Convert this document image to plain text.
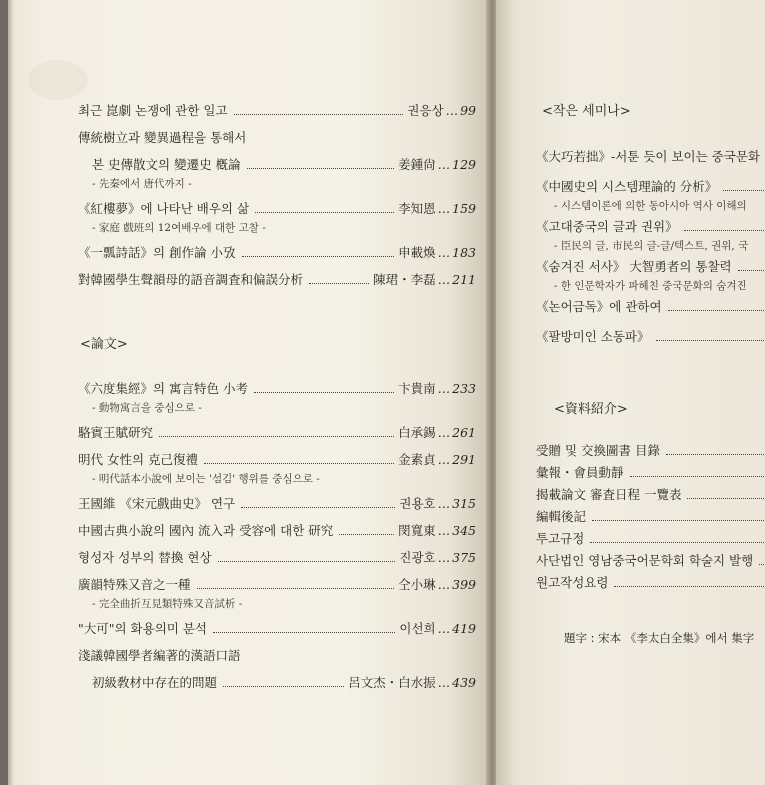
최근 崑劇 논쟁에 관한 일고	권응상 … 99
傳統樹立과 變異過程을 통해서
본 史傳散文의 變遷史 槪論	姜鍾尙 … 129
- 先秦에서 唐代까지 -
《紅樓夢》에 나타난 배우의 삶	李知恩 … 159
- 家庭 戲班의 12여배우에 대한 고찰 -
《一瓢詩話》의 創作論 小攷	申載煥 … 183
對韓國學生聲韻母的語音調査和偏誤分析	陳珺・李磊 … 211
<論文>
《六度集經》의 寓言特色 小考	卞貴南 … 233
- 動物寓言을 중심으로 -
駱賓王賦研究	白承錫 … 261
明代 女性의 克己復禮	金素貞 … 291
- 明代話本小說에 보이는 '섬김' 행위를 중심으로 -
王國維 《宋元戲曲史》 연구	권용호 … 315
中國古典小說의 國內 流入과 受容에 대한 研究	閔寬東 … 345
형성자 성부의 替換 현상	진광호 … 375
廣韻特殊又音之一種	仝小琳 … 399
- 完全曲折互見類特殊又音試析 -
"大可"의 화용의미 분석	이선희 … 419
淺議韓國學者編著的漢語口語
初級敎材中存在的問題	呂文杰・白水振 … 439
<작은 세미나>
《大巧若拙》-서툰 듯이 보이는 중국문화
《中國史의 시스템理論的 分析》
- 시스템이론에 의한 동아시아 역사 이해의
《고대중국의 글과 권위》
- 臣民의 글, 市民의 글-글/텍스트, 권위, 국
《숨겨진 서사》 大智勇者의 통찰력
- 한 인문학자가 파헤친 중국문화의 숨겨진
《논어금독》에 관하여
《팔방미인 소동파》
<資料紹介>
受贈 및 交換圖書 目錄
彙報・會員動靜
揭載論文 審査日程 一覽表
編輯後記
투고규정
사단법인 영남중국어문학회 학술지 발행
원고작성요령
題字 : 宋本 《李太白全集》에서 集字
